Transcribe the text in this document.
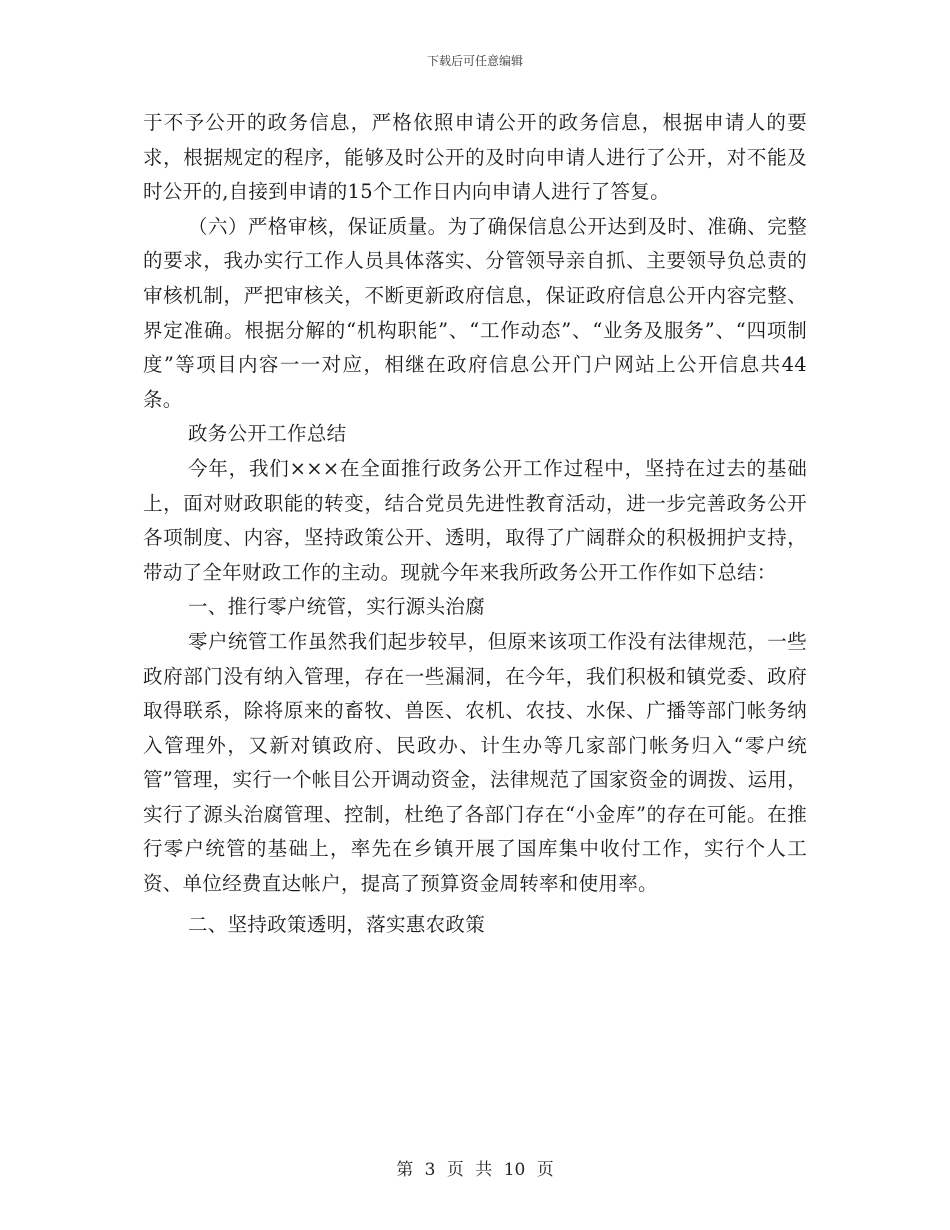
下载后可任意编辑

于不予公开的政务信息，严格依照申请公开的政务信息，根据申请人的要求，根据规定的程序，能够及时公开的及时向申请人进行了公开，对不能及时公开的,自接到申请的15个工作日内向申请人进行了答复。

（六）严格审核，保证质量。为了确保信息公开达到及时、准确、完整的要求，我办实行工作人员具体落实、分管领导亲自抓、主要领导负总责的审核机制，严把审核关，不断更新政府信息，保证政府信息公开内容完整、界定准确。根据分解的“机构职能”、“工作动态”、“业务及服务”、“四项制度”等项目内容一一对应，相继在政府信息公开门户网站上公开信息共44条。

政务公开工作总结

今年，我们×××在全面推行政务公开工作过程中，坚持在过去的基础上，面对财政职能的转变，结合党员先进性教育活动，进一步完善政务公开各项制度、内容，坚持政策公开、透明，取得了广阔群众的积极拥护支持，带动了全年财政工作的主动。现就今年来我所政务公开工作作如下总结：

一、推行零户统管，实行源头治腐

零户统管工作虽然我们起步较早，但原来该项工作没有法律规范，一些政府部门没有纳入管理，存在一些漏洞，在今年，我们积极和镇党委、政府取得联系，除将原来的畜牧、兽医、农机、农技、水保、广播等部门帐务纳入管理外，又新对镇政府、民政办、计生办等几家部门帐务归入“零户统管”管理，实行一个帐目公开调动资金，法律规范了国家资金的调拨、运用，实行了源头治腐管理、控制，杜绝了各部门存在“小金库”的存在可能。在推行零户统管的基础上，率先在乡镇开展了国库集中收付工作，实行个人工资、单位经费直达帐户，提高了预算资金周转率和使用率。

二、坚持政策透明，落实惠农政策

第 3 页 共 10 页
